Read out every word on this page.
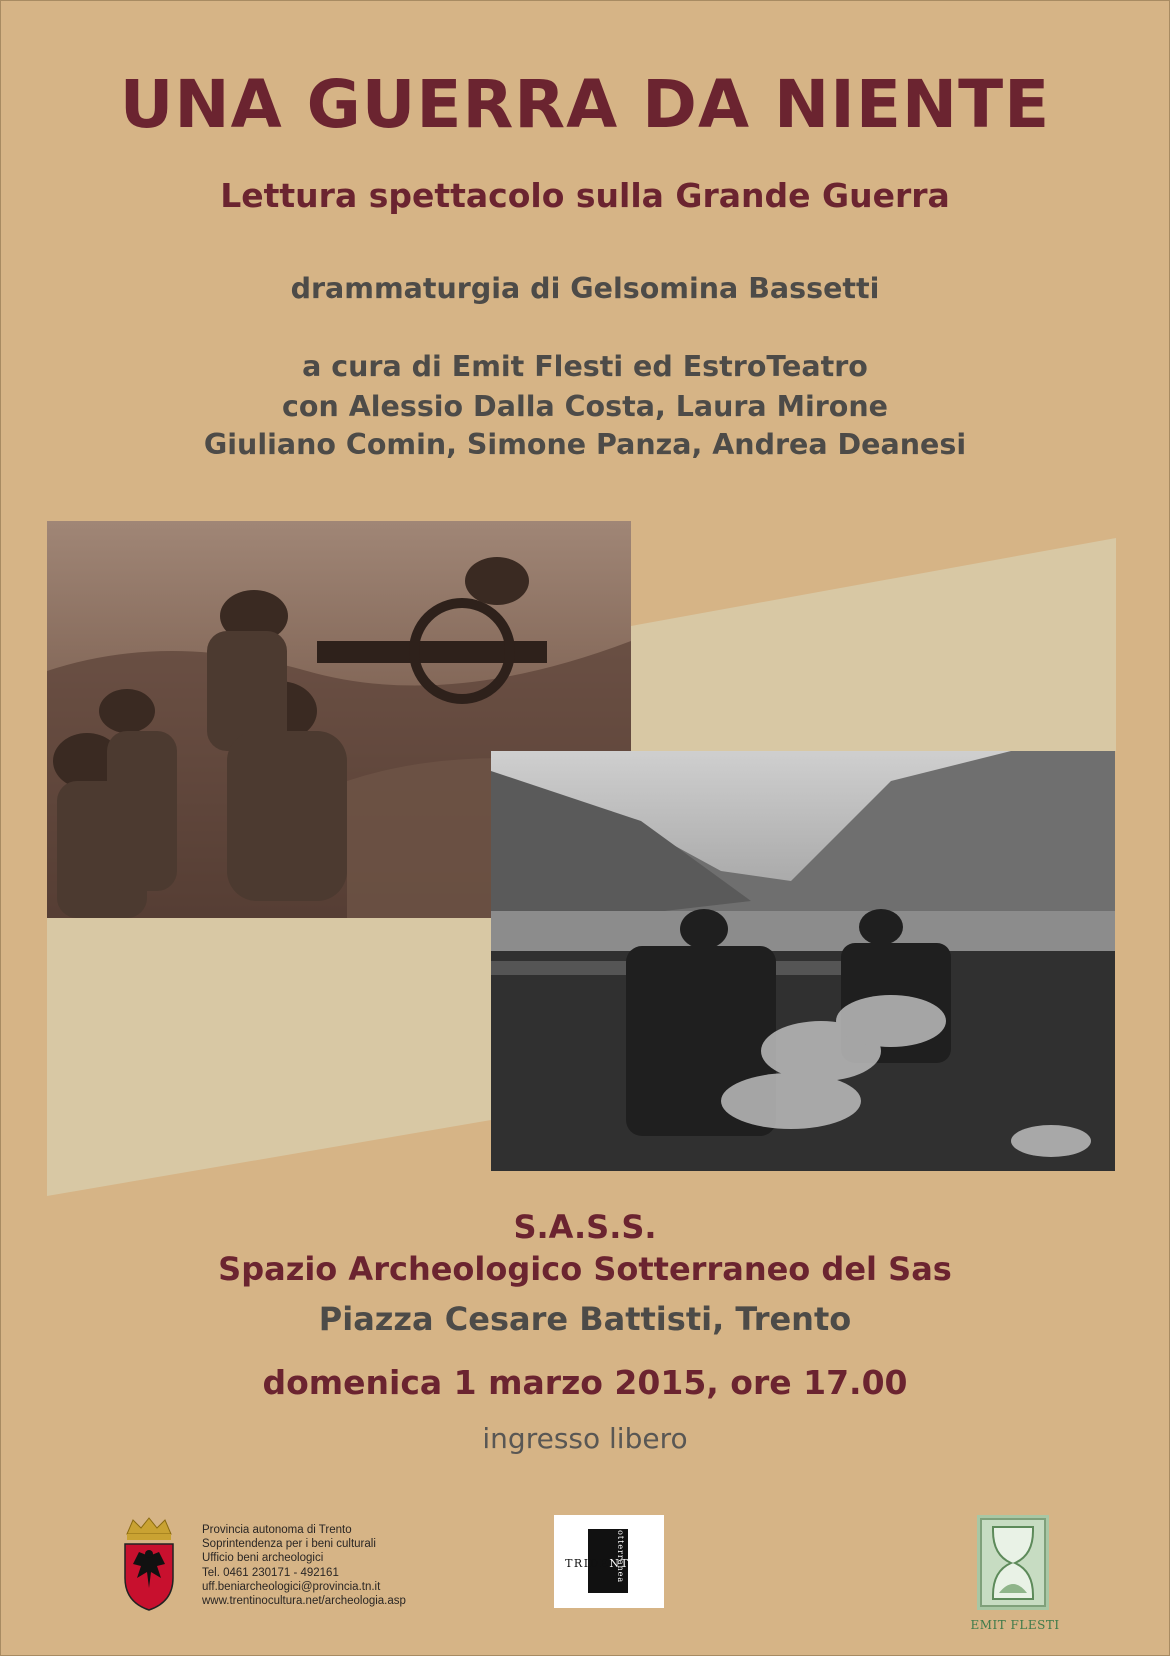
UNA GUERRA DA NIENTE
Lettura spettacolo sulla Grande Guerra
drammaturgia di Gelsomina Bassetti
a cura di Emit Flesti ed EstroTeatro
con Alessio Dalla Costa, Laura Mirone
Giuliano Comin, Simone Panza, Andrea Deanesi
S.A.S.S.
Spazio Archeologico Sotterraneo del Sas
Piazza Cesare Battisti, Trento
domenica 1 marzo 2015, ore 17.00
ingresso libero
Provincia autonoma di Trento
Soprintendenza per i beni culturali
Ufficio beni archeologici
Tel. 0461 230171 - 492161
uff.beniarcheologici@provincia.tn.it
www.trentinocultura.net/archeologia.asp
TRIDENTUM
sotterranea
EMIT FLESTI
